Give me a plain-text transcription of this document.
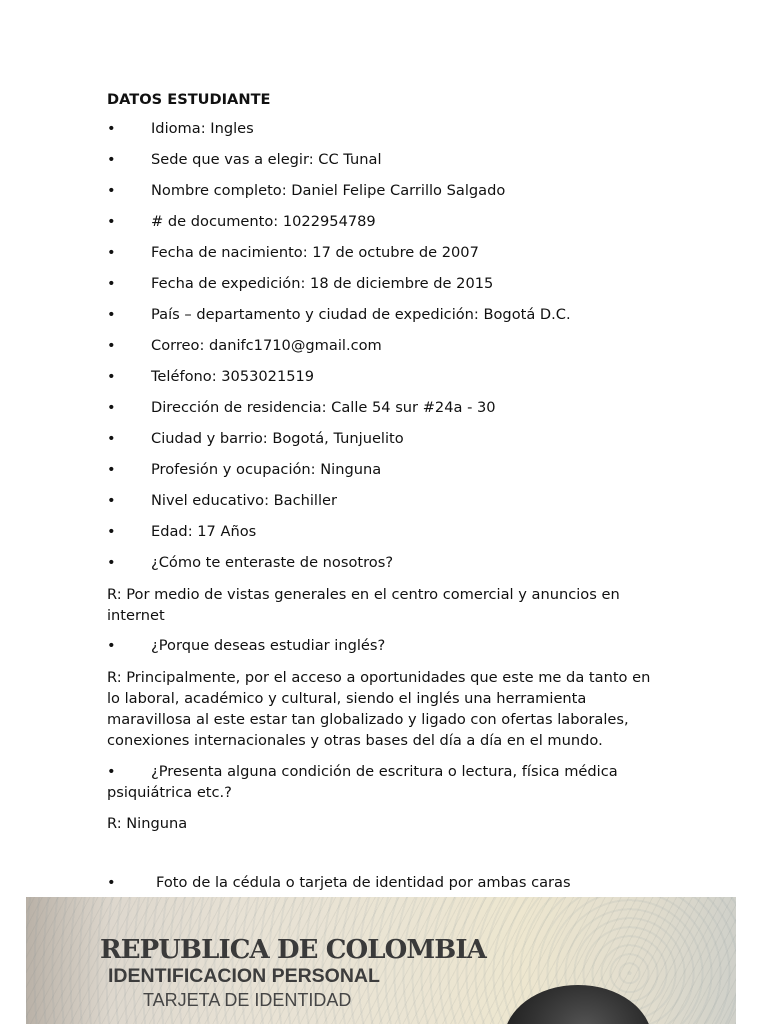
DATOS ESTUDIANTE
• Idioma: Ingles
• Sede que vas a elegir: CC Tunal
• Nombre completo: Daniel Felipe Carrillo Salgado
• # de documento: 1022954789
• Fecha de nacimiento: 17 de octubre de 2007
• Fecha de expedición: 18 de diciembre de 2015
• País – departamento y ciudad de expedición: Bogotá D.C.
• Correo: danifc1710@gmail.com
• Teléfono: 3053021519
• Dirección de residencia: Calle 54 sur #24a - 30
• Ciudad y barrio: Bogotá, Tunjuelito
• Profesión y ocupación: Ninguna
• Nivel educativo: Bachiller
• Edad: 17 Años
• ¿Cómo te enteraste de nosotros?
R: Por medio de vistas generales en el centro comercial y anuncios en internet
• ¿Porque deseas estudiar inglés?
R: Principalmente, por el acceso a oportunidades que este me da tanto en lo laboral, académico y cultural, siendo el inglés una herramienta maravillosa al este estar tan globalizado y ligado con ofertas laborales, conexiones internacionales y otras bases del día a día en el mundo.
• ¿Presenta alguna condición de escritura o lectura, física médica psiquiátrica etc.?
R: Ninguna
•	Foto de la cédula o tarjeta de identidad por ambas caras
REPUBLICA DE COLOMBIA
IDENTIFICACION PERSONAL
TARJETA DE IDENTIDAD
